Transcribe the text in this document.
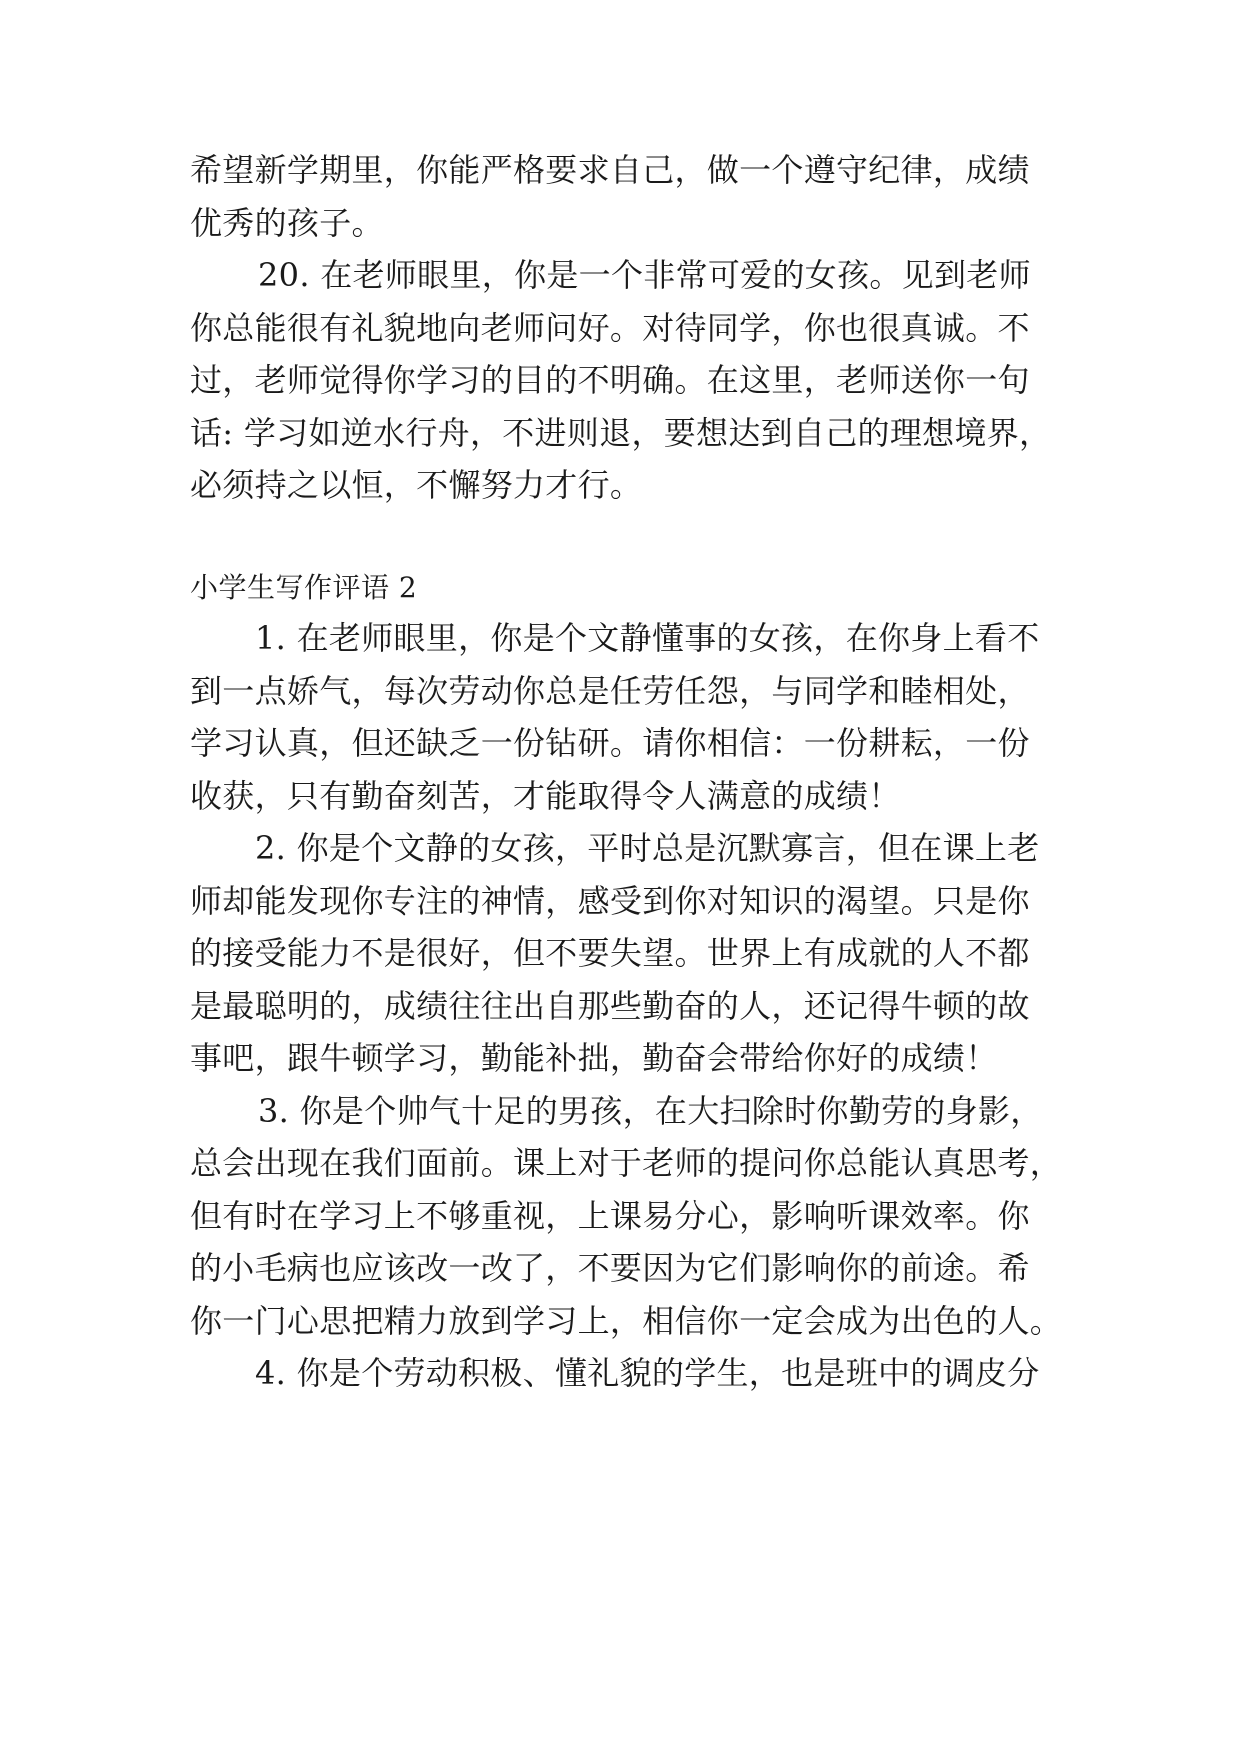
希望新学期里，你能严格要求自己，做一个遵守纪律，成绩
优秀的孩子。
20. 在老师眼里，你是一个非常可爱的女孩。见到老师
你总能很有礼貌地向老师问好。对待同学，你也很真诚。不
过，老师觉得你学习的目的不明确。在这里，老师送你一句
话: 学习如逆水行舟，不进则退，要想达到自己的理想境界，
必须持之以恒，不懈努力才行。
小学生写作评语 2
1. 在老师眼里，你是个文静懂事的女孩，在你身上看不
到一点娇气，每次劳动你总是任劳任怨，与同学和睦相处，
学习认真，但还缺乏一份钻研。请你相信：一份耕耘，一份
收获，只有勤奋刻苦，才能取得令人满意的成绩！
2. 你是个文静的女孩，平时总是沉默寡言，但在课上老
师却能发现你专注的神情，感受到你对知识的渴望。只是你
的接受能力不是很好，但不要失望。世界上有成就的人不都
是最聪明的，成绩往往出自那些勤奋的人，还记得牛顿的故
事吧，跟牛顿学习，勤能补拙，勤奋会带给你好的成绩！
3. 你是个帅气十足的男孩，在大扫除时你勤劳的身影，
总会出现在我们面前。课上对于老师的提问你总能认真思考，
但有时在学习上不够重视，上课易分心，影响听课效率。你
的小毛病也应该改一改了，不要因为它们影响你的前途。希
你一门心思把精力放到学习上，相信你一定会成为出色的人。
4. 你是个劳动积极、懂礼貌的学生，也是班中的调皮分
